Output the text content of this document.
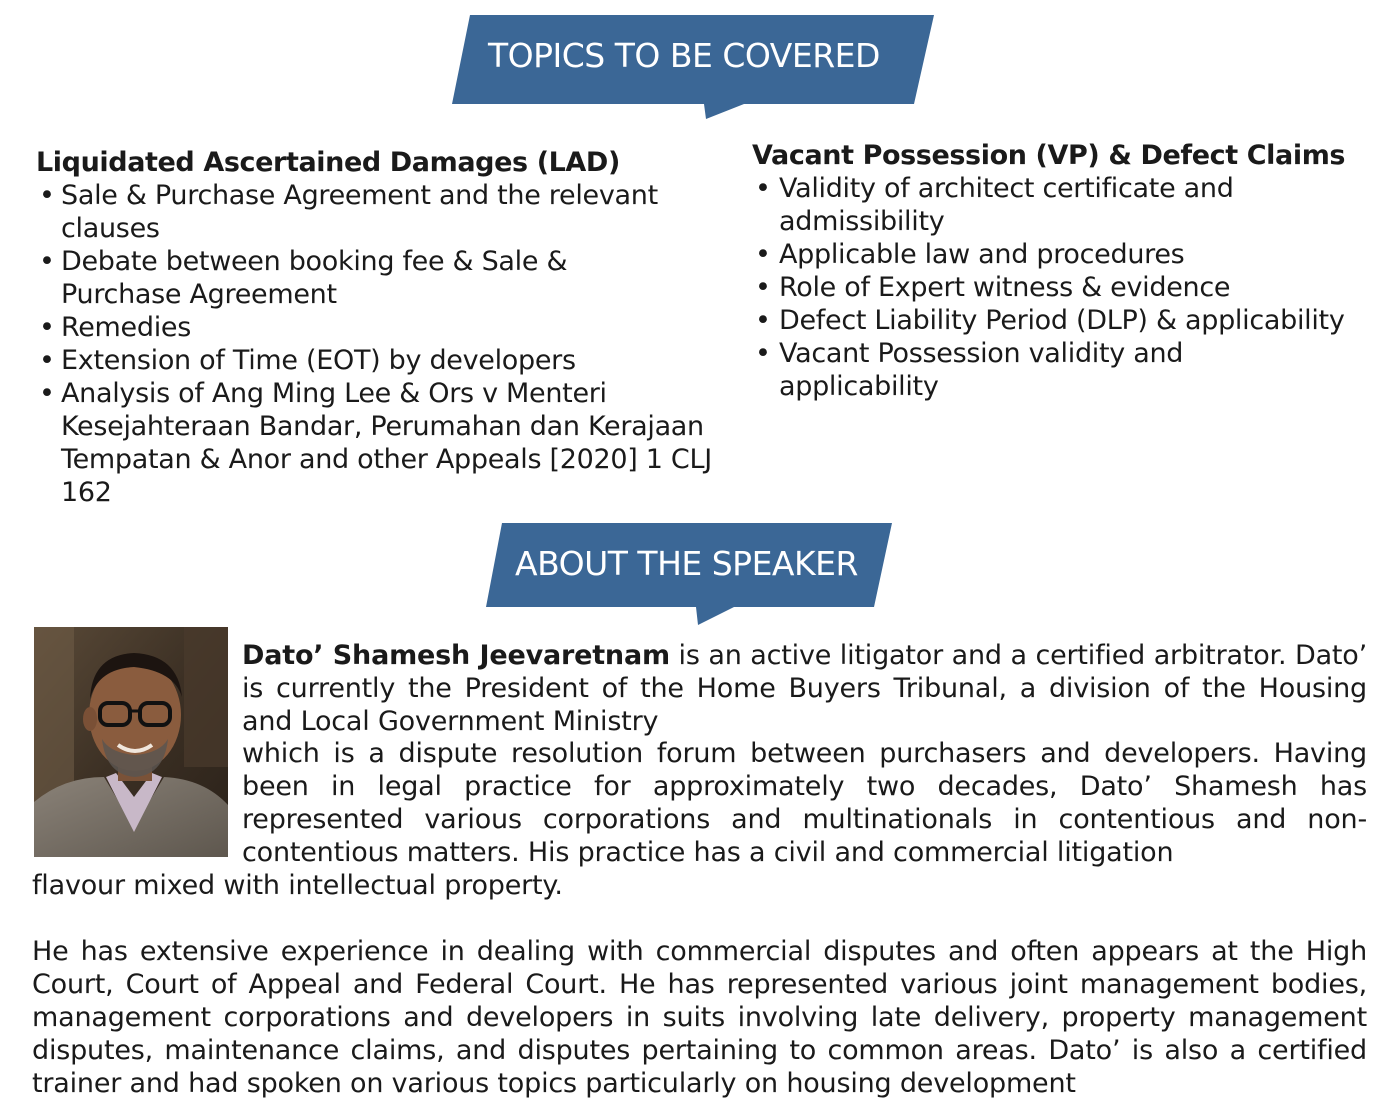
TOPICS TO BE COVERED
Liquidated Ascertained Damages (LAD)
• Sale & Purchase Agreement and the relevant clauses
• Debate between booking fee & Sale & Purchase Agreement
• Remedies
• Extension of Time (EOT) by developers
• Analysis of Ang Ming Lee & Ors v Menteri Kesejahteraan Bandar, Perumahan dan Kerajaan Tempatan & Anor and other Appeals [2020] 1 CLJ 162
Vacant Possession (VP) & Defect Claims
• Validity of architect certificate and admissibility
• Applicable law and procedures
• Role of Expert witness & evidence
• Defect Liability Period (DLP) & applicability
• Vacant Possession validity and applicability
ABOUT THE SPEAKER
Dato’ Shamesh Jeevaretnam is an active litigator and a certified arbitrator. Dato’ is currently the President of the Home Buyers Tribunal, a division of the Housing and Local Government Ministry
which is a dispute resolution forum between purchasers and developers. Having been in legal practice for approximately two decades, Dato’ Shamesh has represented various corporations and multinationals in contentious and non-contentious matters. His practice has a civil and commercial litigation
flavour mixed with intellectual property.
He has extensive experience in dealing with commercial disputes and often appears at the High Court, Court of Appeal and Federal Court. He has represented various joint management bodies, management corporations and developers in suits involving late delivery, property management disputes, maintenance claims, and disputes pertaining to common areas. Dato’ is also a certified trainer and had spoken on various topics particularly on housing development
